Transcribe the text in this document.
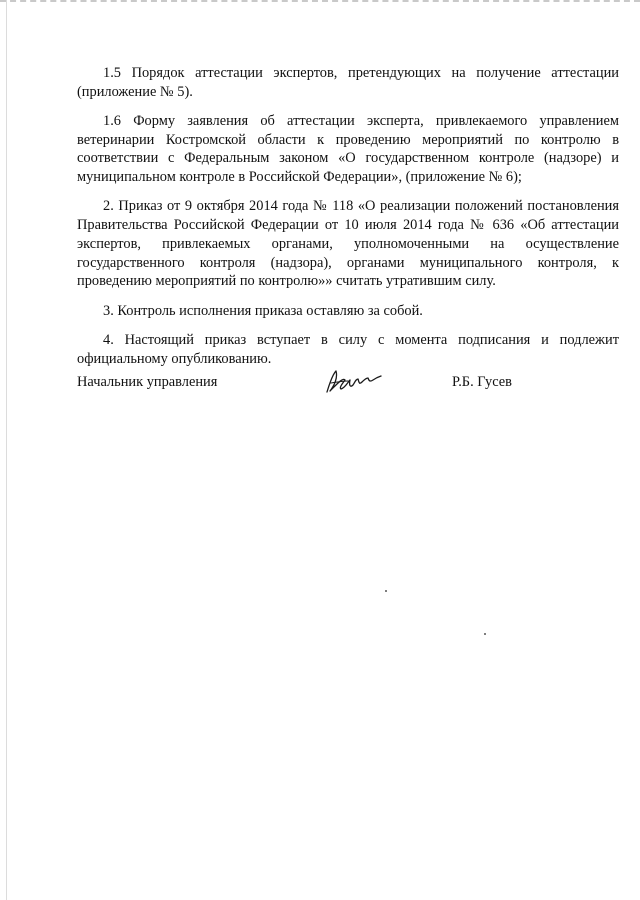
1.5 Порядок аттестации экспертов, претендующих на получение аттестации (приложение № 5).

1.6 Форму заявления об аттестации эксперта, привлекаемого управлением ветеринарии Костромской области к проведению мероприятий по контролю в соответствии с Федеральным законом «О государственном контроле (надзоре) и муниципальном контроле в Российской Федерации», (приложение № 6);

2. Приказ от 9 октября 2014 года № 118 «О реализации положений постановления Правительства Российской Федерации от 10 июля 2014 года № 636 «Об аттестации экспертов, привлекаемых органами, уполномоченными на осуществление государственного контроля (надзора), органами муниципального контроля, к проведению мероприятий по контролю»» считать утратившим силу.

3. Контроль исполнения приказа оставляю за собой.

4. Настоящий приказ вступает в силу с момента подписания и подлежит официальному опубликованию.

Начальник управления	Р.Б. Гусев
